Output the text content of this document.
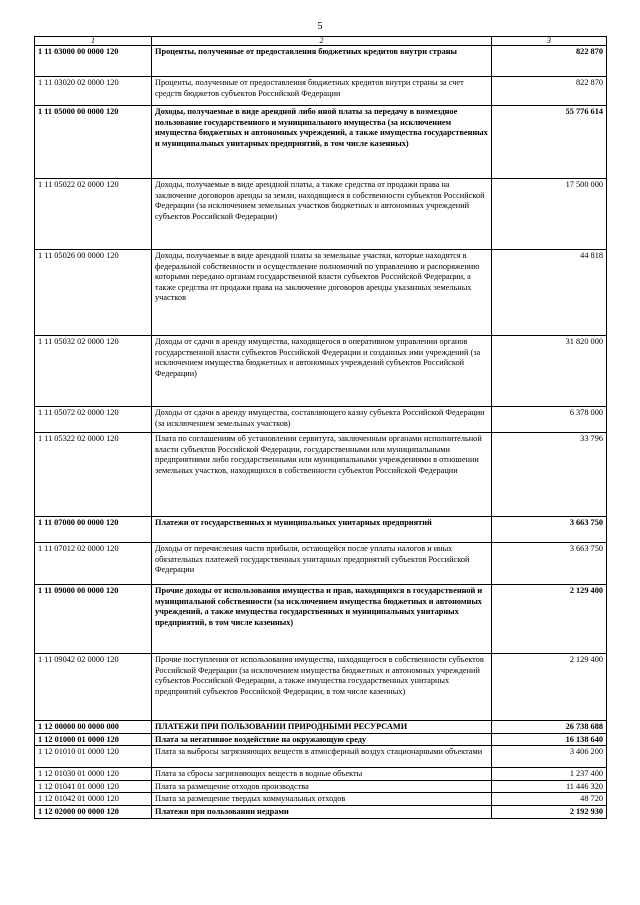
5
1	2	3
1 11 03000 00 0000 120	Проценты, полученные от предоставления бюджетных кредитов внутри страны	822 870
1 11 03020 02 0000 120	Проценты, полученные от предоставления бюджетных кредитов внутри страны за счет средств бюджетов субъектов Российской Федерации	822 870
1 11 05000 00 0000 120	Доходы, получаемые в виде арендной либо иной платы за передачу в возмездное пользование государственного и муниципального имущества (за исключением имущества бюджетных и автономных учреждений, а также имущества государственных и муниципальных унитарных предприятий, в том числе казенных)	55 776 614
1 11 05022 02 0000 120	Доходы, получаемые в виде арендной платы, а также средства от продажи права на заключение договоров аренды за земли, находящиеся в собственности субъектов Российской Федерации (за исключением земельных участков бюджетных и автономных учреждений субъектов Российской Федерации)	17 500 000
1 11 05026 00 0000 120	Доходы, получаемые в виде арендной платы за земельные участки, которые находятся в федеральной собственности и осуществление полномочий по управлению и распоряжению которыми передано органам государственной власти субъектов Российской Федерации, а также средства от продажи права на заключение договоров аренды указанных земельных участков	44 818
1 11 05032 02 0000 120	Доходы от сдачи в аренду имущества, находящегося в оперативном управлении органов государственной власти субъектов Российской Федерации и созданных ими учреждений (за исключением имущества бюджетных и автономных учреждений субъектов Российской Федерации)	31 820 000
1 11 05072 02 0000 120	Доходы от сдачи в аренду имущества, составляющего казну субъекта Российской Федерации (за исключением земельных участков)	6 378 000
1 11 05322 02 0000 120	Плата по соглашениям об установлении сервитута, заключенным органами исполнительной власти субъектов Российской Федерации, государственными или муниципальными предприятиями либо государственными или муниципальными учреждениями в отношении земельных участков, находящихся в собственности субъектов Российской Федерации	33 796
1 11 07000 00 0000 120	Платежи от государственных и муниципальных унитарных предприятий	3 663 750
1 11 07012 02 0000 120	Доходы от перечисления части прибыли, остающейся после уплаты налогов и иных обязательных платежей государственных унитарных предприятий субъектов Российской Федерации	3 663 750
1 11 09000 00 0000 120	Прочие доходы от использования имущества и прав, находящихся в государственной и муниципальной собственности (за исключением имущества бюджетных и автономных учреждений, а также имущества государственных и муниципальных унитарных предприятий, в том числе казенных)	2 129 400
1 11 09042 02 0000 120	Прочие поступления от использования имущества, находящегося в собственности субъектов Российской Федерации (за исключением имущества бюджетных и автономных учреждений субъектов Российской Федерации, а также имущества государственных унитарных предприятий субъектов Российской Федерации, в том числе казенных)	2 129 400
1 12 00000 00 0000 000	ПЛАТЕЖИ ПРИ ПОЛЬЗОВАНИИ ПРИРОДНЫМИ РЕСУРСАМИ	26 738 688
1 12 01000 01 0000 120	Плата за негативное воздействие на окружающую среду	16 138 640
1 12 01010 01 0000 120	Плата за выбросы загрязняющих веществ в атмосферный воздух стационарными объектами	3 406 200
1 12 01030 01 0000 120	Плата за сбросы загрязняющих веществ в водные объекты	1 237 400
1 12 01041 01 0000 120	Плата за размещение отходов производства	11 446 320
1 12 01042 01 0000 120	Плата за размещение твердых коммунальных отходов	48 720
1 12 02000 00 0000 120	Платежи при пользовании недрами	2 192 930
